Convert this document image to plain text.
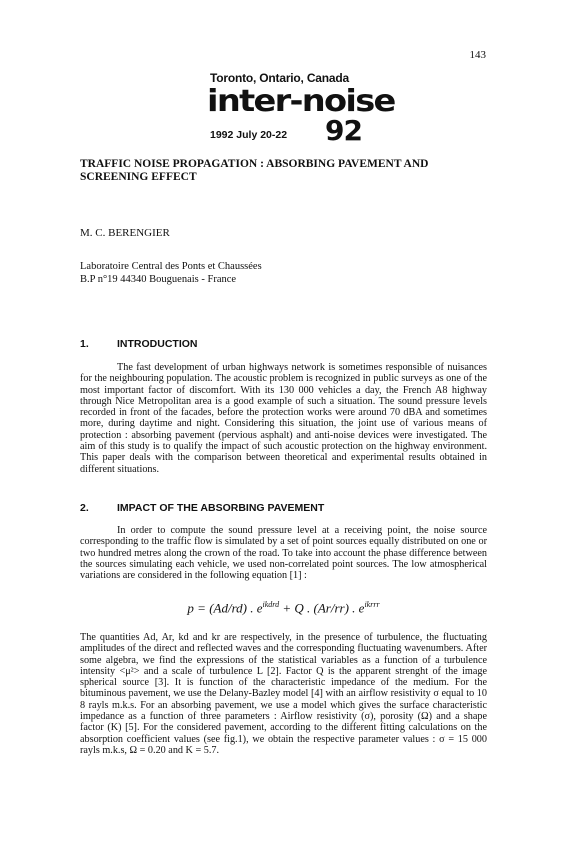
143
Toronto, Ontario, Canada
inter-noise
1992 July 20-22 92
TRAFFIC NOISE PROPAGATION : ABSORBING PAVEMENT AND SCREENING EFFECT
M. C. BERENGIER
Laboratoire Central des Ponts et Chaussées
B.P n°19 44340 Bouguenais - France
1.	INTRODUCTION

The fast development of urban highways network is sometimes responsible of nuisances for the neighbouring population. The acoustic problem is recognized in public surveys as one of the most important factor of discomfort. With its 130 000 vehicles a day, the French A8 highway through Nice Metropolitan area is a good example of such a situation. The sound pressure levels recorded in front of the facades, before the protection works were around 70 dBA and sometimes more, during daytime and night. Considering this situation, the joint use of various means of protection : absorbing pavement (pervious asphalt) and anti-noise devices were investigated. The aim of this study is to qualify the impact of such acoustic protection on the highway environment. This paper deals with the comparison between theoretical and experimental results obtained in different situations.

2.	IMPACT OF THE ABSORBING PAVEMENT

In order to compute the sound pressure level at a receiving point, the noise source corresponding to the traffic flow is simulated by a set of point sources equally distributed on one or two hundred metres along the crown of the road. To take into account the phase difference between the sources simulating each vehicle, we used non-correlated point sources. The low atmospherical variations are considered in the following equation [1] :

p = (Ad/rd) . $e^{ikdrd} + Q$ . (Ar/rr) . $e^{ikrrr}$

The quantities Ad, Ar, kd and kr are respectively, in the presence of turbulence, the fluctuating amplitudes of the direct and reflected waves and the corresponding fluctuating wavenumbers. After some algebra, we find the expressions of the statistical variables as a function of a turbulence intensity <μ²> and a scale of turbulence L [2]. Factor Q is the apparent strenght of the image spherical source [3]. It is function of the characteristic impedance of the medium. For the bituminous pavement, we use the Delany-Bazley model [4] with an airflow resistivity σ equal to 10 8 rayls m.k.s. For an absorbing pavement, we use a model which gives the surface characteristic impedance as a function of three parameters : Airflow resistivity (σ), porosity (Ω) and a shape factor (K) [5]. For the considered pavement, according to the different fitting calculations on the absorption coefficient values (see fig.1), we obtain the respective parameter values : σ = 15 000 rayls m.k.s, Ω = 0.20 and K = 5.7.
